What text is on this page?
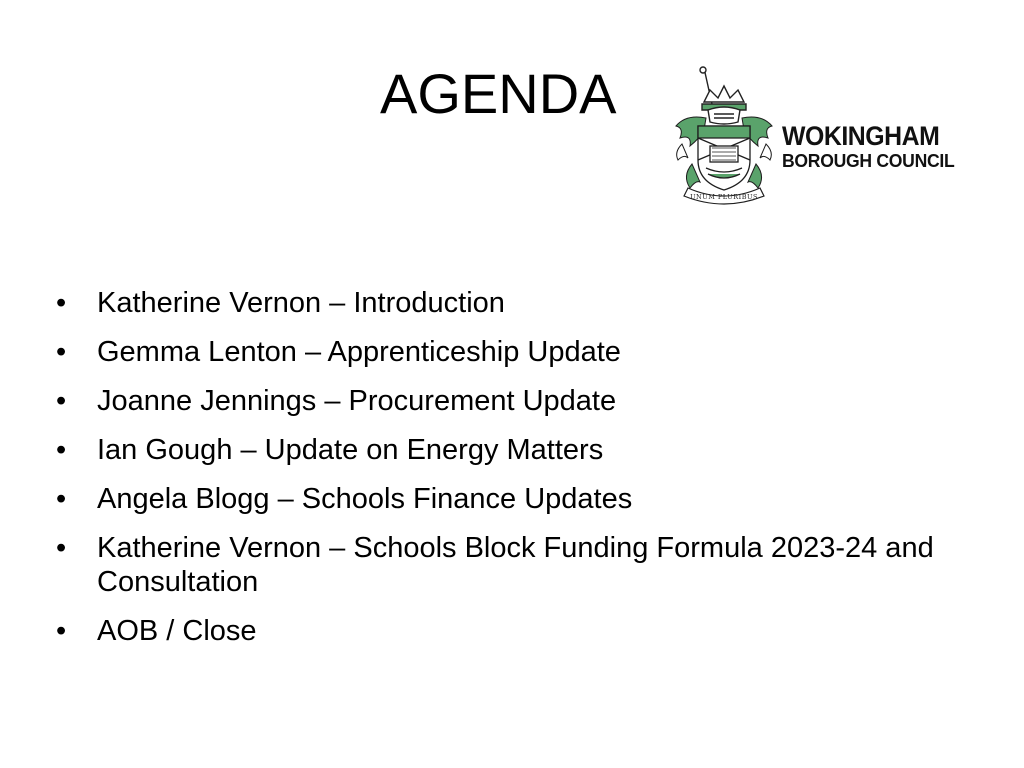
AGENDA
UNUM PLURIBUS
WOKINGHAM
BOROUGH COUNCIL
•	Katherine Vernon – Introduction
•	Gemma Lenton – Apprenticeship Update
•	Joanne Jennings – Procurement Update
•	Ian Gough – Update on Energy Matters
•	Angela Blogg – Schools Finance Updates
•	Katherine Vernon – Schools Block Funding Formula 2023-24 and Consultation
•	AOB / Close
